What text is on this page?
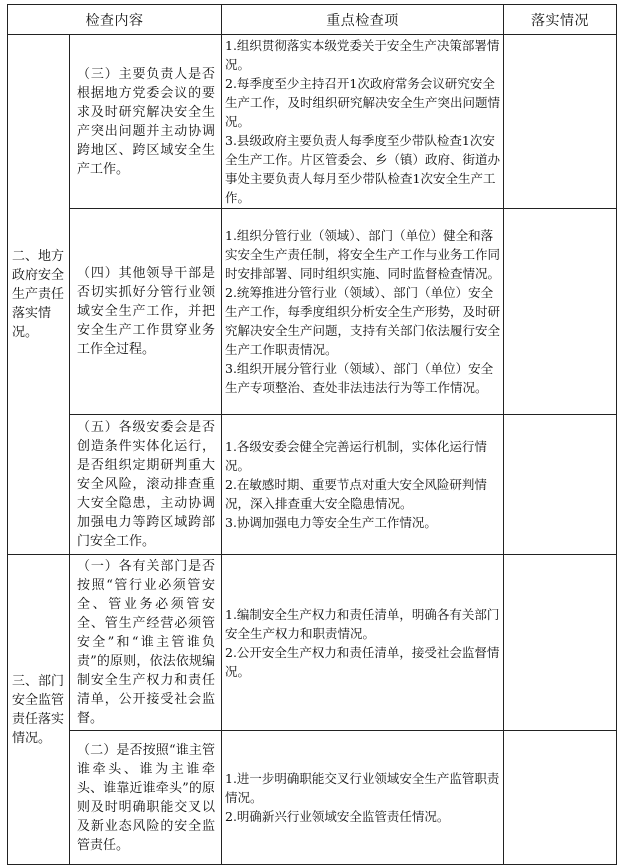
检查内容		重点检查项	落实情况
二、地方政府安全生产责任落实情况。	（三）主要负责人是否根据地方党委会议的要求及时研究解决安全生产突出问题并主动协调跨地区、跨区域安全生产工作。	1.组织贯彻落实本级党委关于安全生产决策部署情况。
2.每季度至少主持召开1次政府常务会议研究安全生产工作，及时组织研究解决安全生产突出问题情况。
3.县级政府主要负责人每季度至少带队检查1次安全生产工作。片区管委会、乡（镇）政府、街道办事处主要负责人每月至少带队检查1次安全生产工作。	

	（四）其他领导干部是否切实抓好分管行业领域安全生产工作，并把安全生产工作贯穿业务工作全过程。	1.组织分管行业（领域）、部门（单位）健全和落实安全生产责任制，将安全生产工作与业务工作同时安排部署、同时组织实施、同时监督检查情况。
2.统筹推进分管行业（领域）、部门（单位）安全生产工作，每季度组织分析安全生产形势，及时研究解决安全生产问题，支持有关部门依法履行安全生产工作职责情况。
3.组织开展分管行业（领域）、部门（单位）安全生产专项整治、查处非法违法行为等工作情况。	

	（五）各级安委会是否创造条件实体化运行，是否组织定期研判重大安全风险，滚动排查重大安全隐患，主动协调加强电力等跨区域跨部门安全工作。	1.各级安委会健全完善运行机制，实体化运行情况。
2.在敏感时期、重要节点对重大安全风险研判情况，深入排查重大安全隐患情况。
3.协调加强电力等安全生产工作情况。	

三、部门安全监管责任落实情况。	（一）各有关部门是否按照“管行业必须管安全、管业务必须管安全、管生产经营必须管安全”和“谁主管谁负责”的原则，依法依规编制安全生产权力和责任清单，公开接受社会监督。	1.编制安全生产权力和责任清单，明确各有关部门安全生产权力和职责情况。
2.公开安全生产权力和责任清单，接受社会监督情况。	

	（二）是否按照“谁主管谁牵头、谁为主谁牵头、谁靠近谁牵头”的原则及时明确职能交叉以及新业态风险的安全监管责任。	1.进一步明确职能交叉行业领域安全生产监管职责情况。
2.明确新兴行业领域安全监管责任情况。	
